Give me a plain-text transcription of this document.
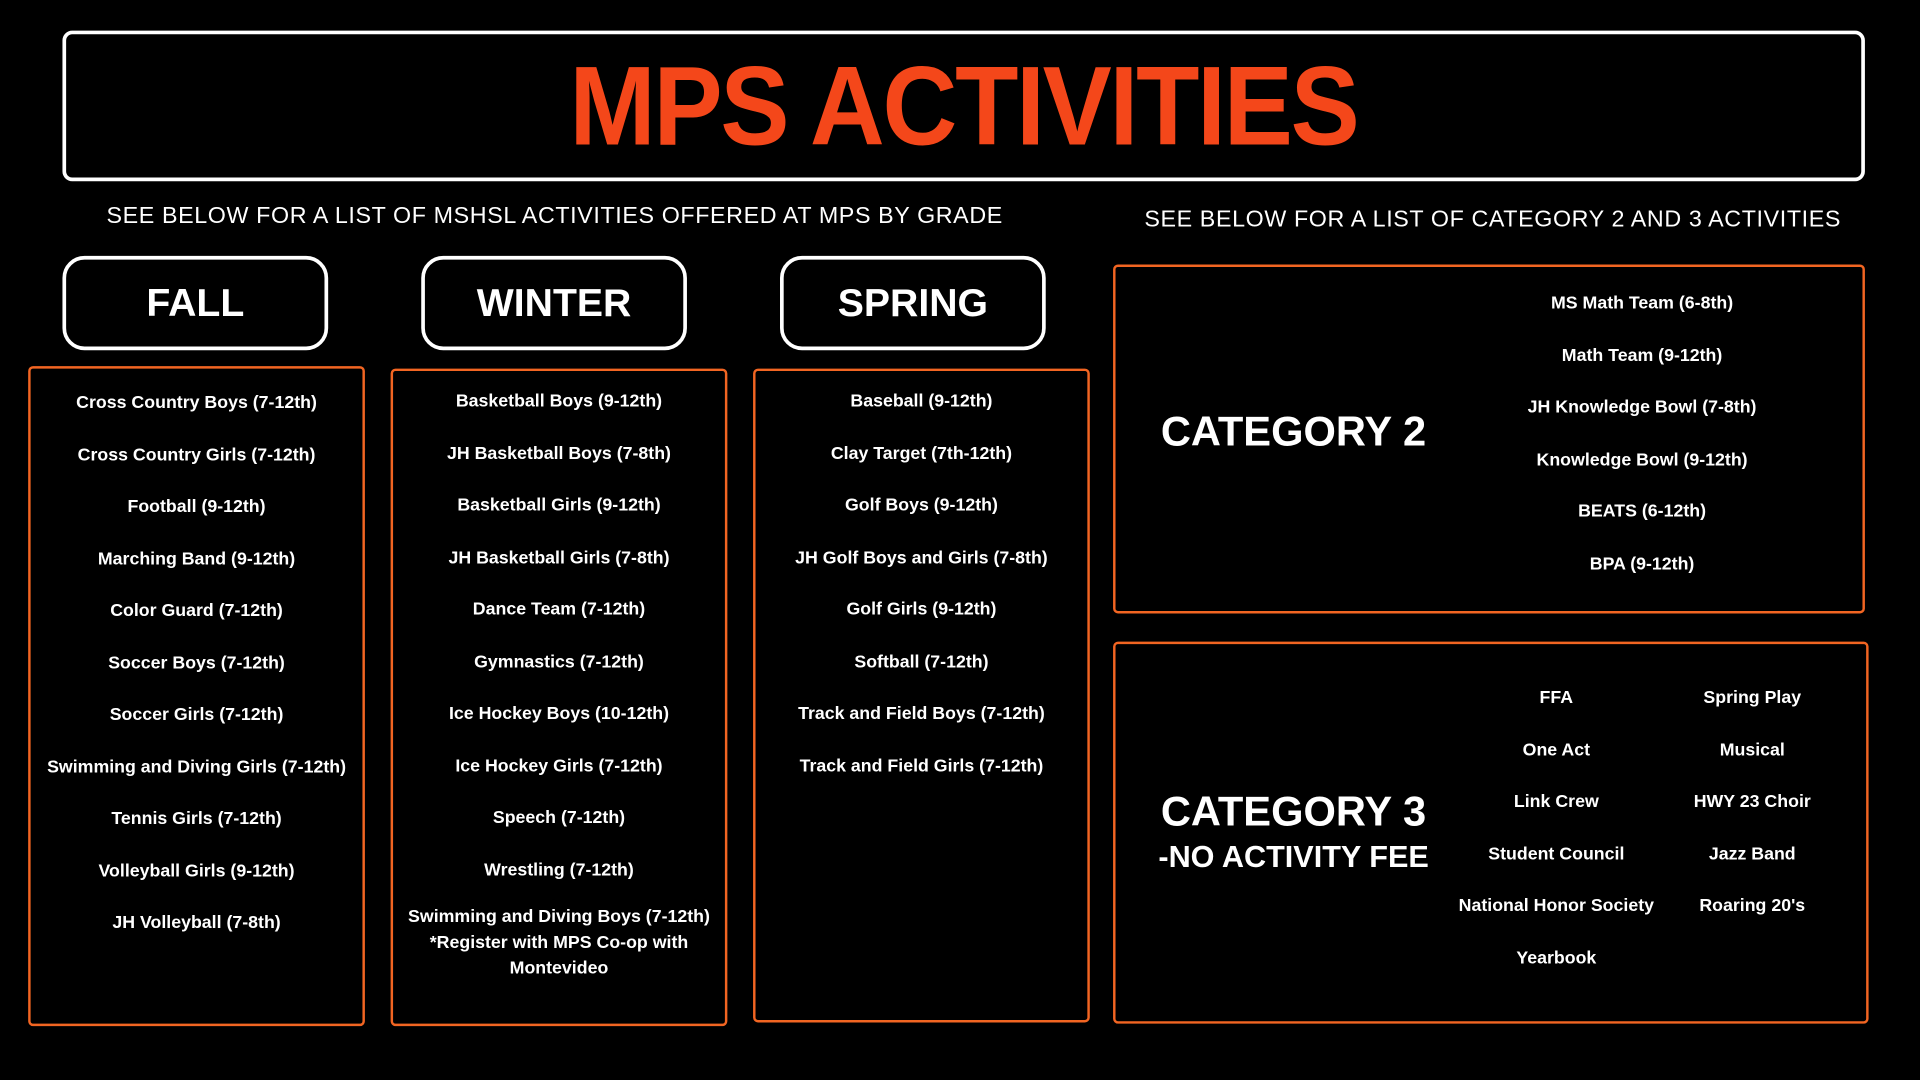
MPS ACTIVITIES
SEE BELOW FOR A LIST OF MSHSL ACTIVITIES OFFERED AT MPS BY GRADE	SEE BELOW FOR A LIST OF CATEGORY 2 AND 3 ACTIVITIES
FALL	WINTER	SPRING
Cross Country Boys (7-12th)
Cross Country Girls (7-12th)
Football (9-12th)
Marching Band (9-12th)
Color Guard (7-12th)
Soccer Boys (7-12th)
Soccer Girls (7-12th)
Swimming and Diving Girls (7-12th)
Tennis Girls (7-12th)
Volleyball Girls (9-12th)
JH Volleyball (7-8th)
Basketball Boys (9-12th)
JH Basketball Boys (7-8th)
Basketball Girls (9-12th)
JH Basketball Girls (7-8th)
Dance Team (7-12th)
Gymnastics (7-12th)
Ice Hockey Boys (10-12th)
Ice Hockey Girls (7-12th)
Speech (7-12th)
Wrestling (7-12th)
Swimming and Diving Boys (7-12th) *Register with MPS Co-op with Montevideo
Baseball (9-12th)
Clay Target (7th-12th)
Golf Boys (9-12th)
JH Golf Boys and Girls (7-8th)
Golf Girls (9-12th)
Softball (7-12th)
Track and Field Boys (7-12th)
Track and Field Girls (7-12th)
CATEGORY 2
MS Math Team (6-8th)
Math Team (9-12th)
JH Knowledge Bowl (7-8th)
Knowledge Bowl (9-12th)
BEATS (6-12th)
BPA (9-12th)
CATEGORY 3
-NO ACTIVITY FEE
FFA	Spring Play
One Act	Musical
Link Crew	HWY 23 Choir
Student Council	Jazz Band
National Honor Society	Roaring 20's
Yearbook
